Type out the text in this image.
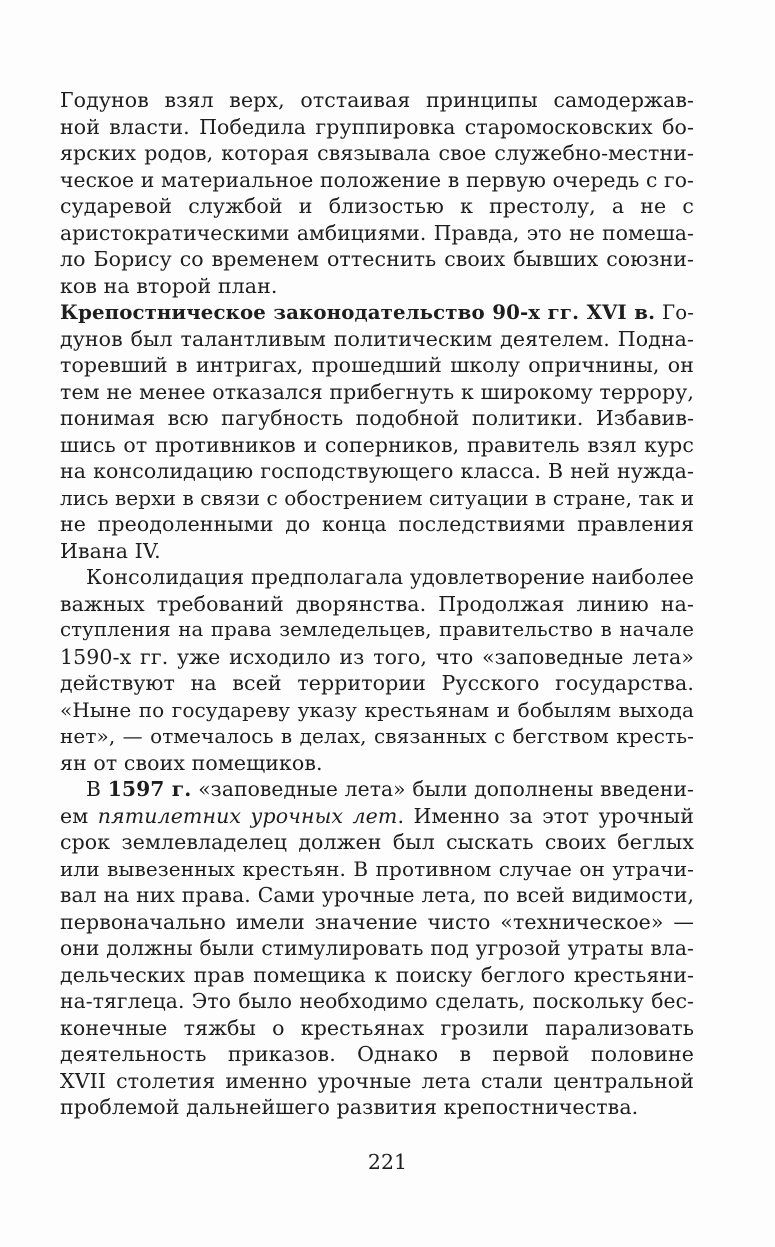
Годунов взял верх, отстаивая принципы самодержав-
ной власти. Победила группировка старомосковских бо-
ярских родов, которая связывала свое служебно-местни-
ческое и материальное положение в первую очередь с го-
сударевой службой и близостью к престолу, а не с
аристократическими амбициями. Правда, это не помеша-
ло Борису со временем оттеснить своих бывших союзни-
ков на второй план.
Крепостническое законодательство 90-х гг. XVI в. Го-
дунов был талантливым политическим деятелем. Подна-
торевший в интригах, прошедший школу опричнины, он
тем не менее отказался прибегнуть к широкому террору,
понимая всю пагубность подобной политики. Избавив-
шись от противников и соперников, правитель взял курс
на консолидацию господствующего класса. В ней нужда-
лись верхи в связи с обострением ситуации в стране, так и
не преодоленными до конца последствиями правления
Ивана IV.
Консолидация предполагала удовлетворение наиболее
важных требований дворянства. Продолжая линию на-
ступления на права земледельцев, правительство в начале
1590-х гг. уже исходило из того, что «заповедные лета»
действуют на всей территории Русского государства.
«Ныне по государеву указу крестьянам и бобылям выхода
нет», — отмечалось в делах, связанных с бегством кресть-
ян от своих помещиков.
В 1597 г. «заповедные лета» были дополнены введени-
ем пятилетних урочных лет. Именно за этот урочный
срок землевладелец должен был сыскать своих беглых
или вывезенных крестьян. В противном случае он утрачи-
вал на них права. Сами урочные лета, по всей видимости,
первоначально имели значение чисто «техническое» —
они должны были стимулировать под угрозой утраты вла-
дельческих прав помещика к поиску беглого крестьяни-
на-тяглеца. Это было необходимо сделать, поскольку бес-
конечные тяжбы о крестьянах грозили парализовать
деятельность приказов. Однако в первой половине
XVII столетия именно урочные лета стали центральной
проблемой дальнейшего развития крепостничества.
221
